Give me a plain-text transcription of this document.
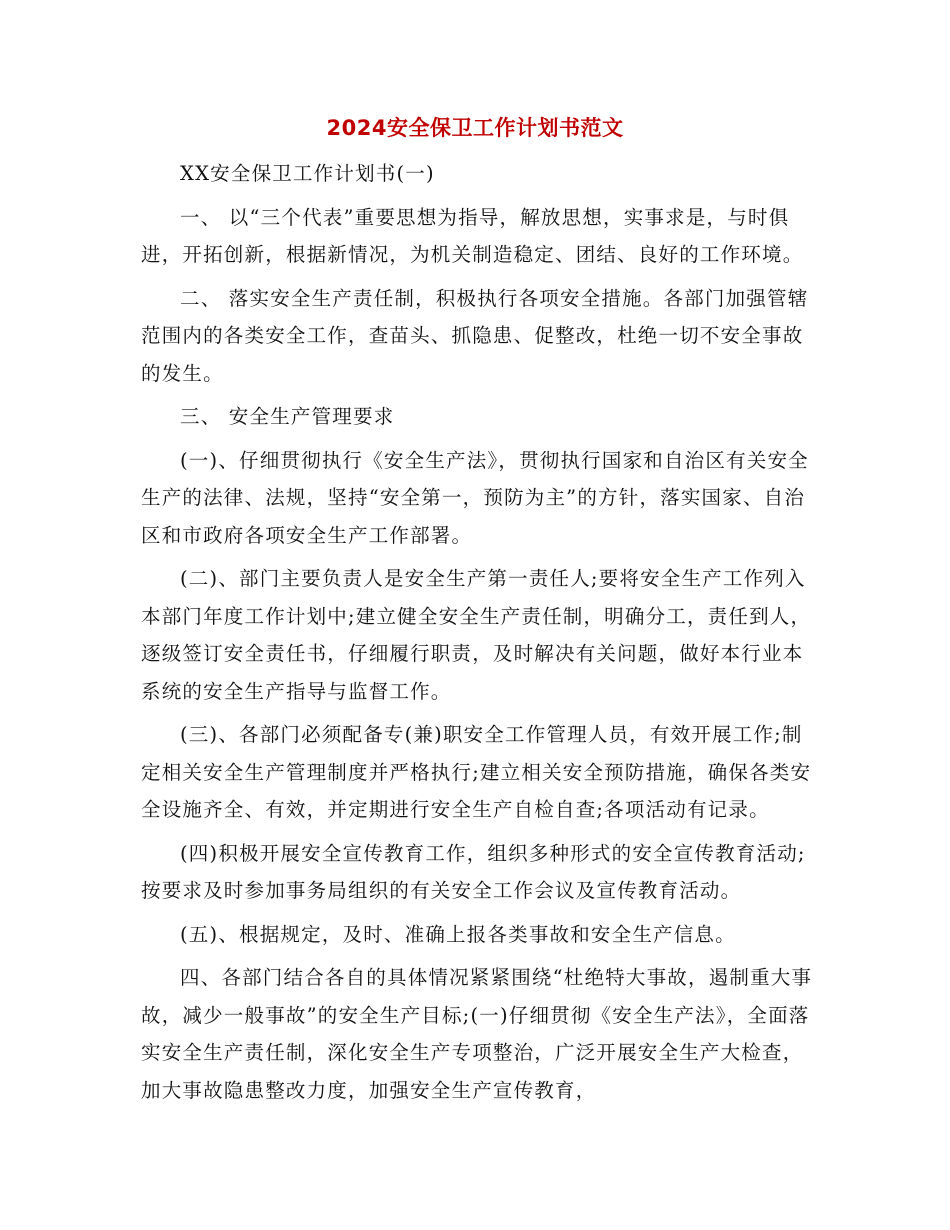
2024安全保卫工作计划书范文

XX安全保卫工作计划书(一)

一、 以“三个代表”重要思想为指导，解放思想，实事求是，与时俱进，开拓创新，根据新情况，为机关制造稳定、团结、良好的工作环境。

二、 落实安全生产责任制，积极执行各项安全措施。各部门加强管辖范围内的各类安全工作，查苗头、抓隐患、促整改，杜绝一切不安全事故的发生。

三、 安全生产管理要求

(一)、仔细贯彻执行《安全生产法》，贯彻执行国家和自治区有关安全生产的法律、法规，坚持“安全第一，预防为主”的方针，落实国家、自治区和市政府各项安全生产工作部署。

(二)、部门主要负责人是安全生产第一责任人;要将安全生产工作列入本部门年度工作计划中;建立健全安全生产责任制，明确分工，责任到人，逐级签订安全责任书，仔细履行职责，及时解决有关问题，做好本行业本系统的安全生产指导与监督工作。

(三)、各部门必须配备专(兼)职安全工作管理人员，有效开展工作;制定相关安全生产管理制度并严格执行;建立相关安全预防措施，确保各类安全设施齐全、有效，并定期进行安全生产自检自查;各项活动有记录。

(四)积极开展安全宣传教育工作，组织多种形式的安全宣传教育活动;按要求及时参加事务局组织的有关安全工作会议及宣传教育活动。

(五)、根据规定，及时、准确上报各类事故和安全生产信息。

四、各部门结合各自的具体情况紧紧围绕“杜绝特大事故，遏制重大事故，减少一般事故”的安全生产目标;(一)仔细贯彻《安全生产法》，全面落实安全生产责任制，深化安全生产专项整治，广泛开展安全生产大检查，加大事故隐患整改力度，加强安全生产宣传教育，
